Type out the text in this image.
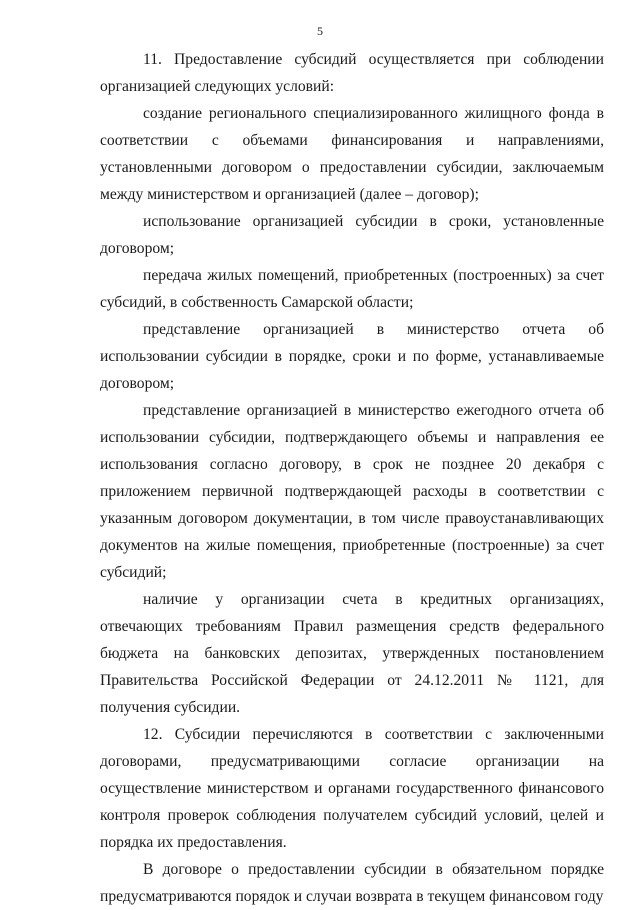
5

11. Предоставление субсидий осуществляется при соблюдении организацией следующих условий:

создание регионального специализированного жилищного фонда в соответствии с объемами финансирования и направлениями, установленными договором о предоставлении субсидии, заключаемым между министерством и организацией (далее – договор);

использование организацией субсидии в сроки, установленные договором;

передача жилых помещений, приобретенных (построенных) за счет субсидий, в собственность Самарской области;

представление организацией в министерство отчета об использовании субсидии в порядке, сроки и по форме, устанавливаемые договором;

представление организацией в министерство ежегодного отчета об использовании субсидии, подтверждающего объемы и направления ее использования согласно договору, в срок не позднее 20 декабря с приложением первичной подтверждающей расходы в соответствии с указанным договором документации, в том числе правоустанавливающих документов на жилые помещения, приобретенные (построенные) за счет субсидий;

наличие у организации счета в кредитных организациях, отвечающих требованиям Правил размещения средств федерального бюджета на банковских депозитах, утвержденных постановлением Правительства Российской Федерации от 24.12.2011 № 1121, для получения субсидии.

12. Субсидии перечисляются в соответствии с заключенными договорами, предусматривающими согласие организации на осуществление министерством и органами государственного финансового контроля проверок соблюдения получателем субсидий условий, целей и порядка их предоставления.

В договоре о предоставлении субсидии в обязательном порядке предусматриваются порядок и случаи возврата в текущем финансовом году
